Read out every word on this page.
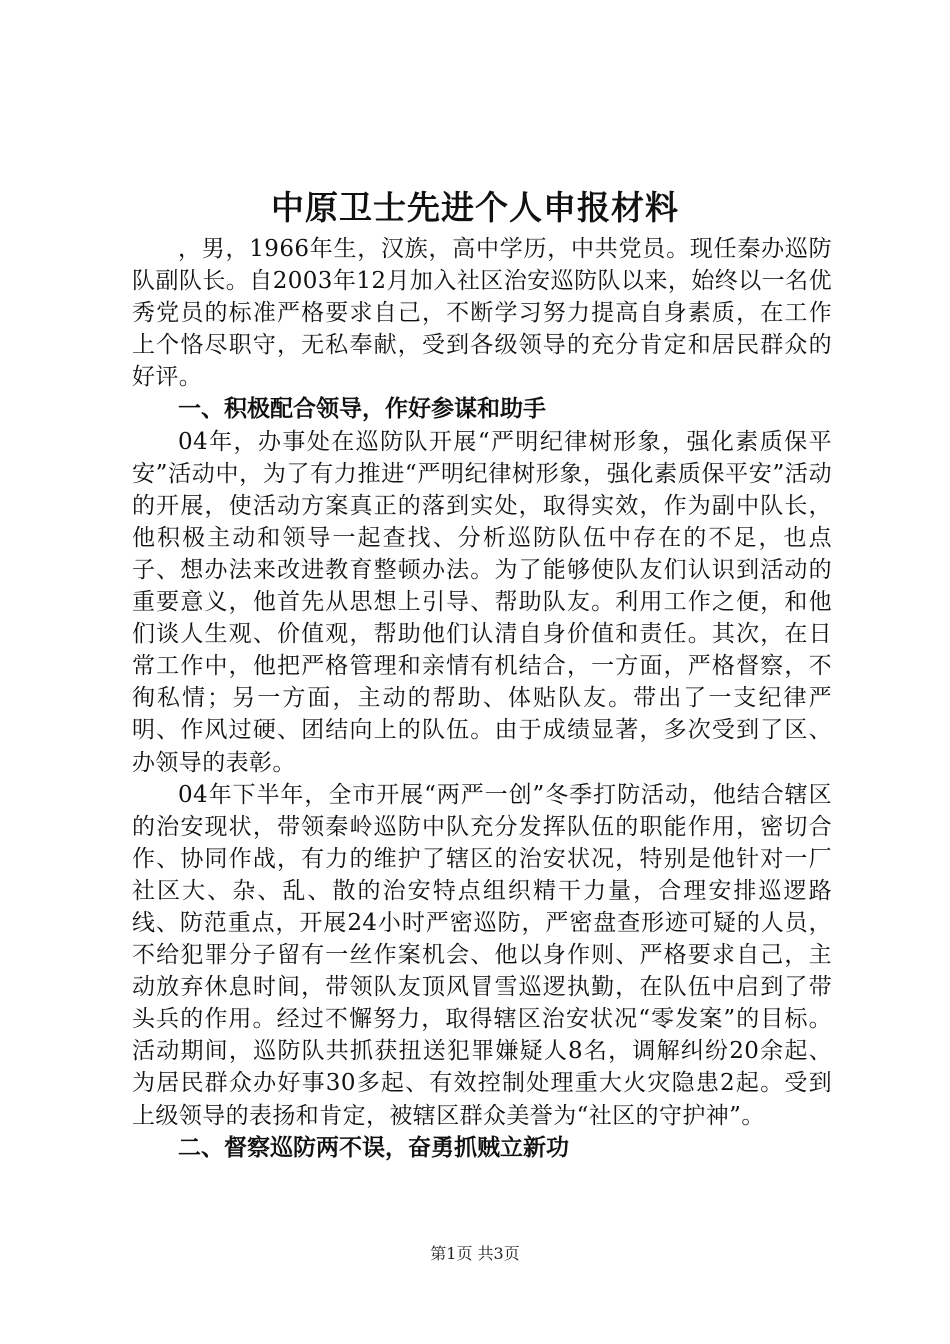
中原卫士先进个人申报材料

，男，1966年生，汉族，高中学历，中共党员。现任秦办巡防队副队长。自2003年12月加入社区治安巡防队以来，始终以一名优秀党员的标准严格要求自己，不断学习努力提高自身素质，在工作上个恪尽职守，无私奉献，受到各级领导的充分肯定和居民群众的好评。

一、积极配合领导，作好参谋和助手

04年，办事处在巡防队开展“严明纪律树形象，强化素质保平安”活动中，为了有力推进“严明纪律树形象，强化素质保平安”活动的开展，使活动方案真正的落到实处，取得实效，作为副中队长，他积极主动和领导一起查找、分析巡防队伍中存在的不足，也点子、想办法来改进教育整顿办法。为了能够使队友们认识到活动的重要意义，他首先从思想上引导、帮助队友。利用工作之便，和他们谈人生观、价值观，帮助他们认清自身价值和责任。其次，在日常工作中，他把严格管理和亲情有机结合，一方面，严格督察，不徇私情；另一方面，主动的帮助、体贴队友。带出了一支纪律严明、作风过硬、团结向上的队伍。由于成绩显著，多次受到了区、办领导的表彰。

04年下半年，全市开展“两严一创”冬季打防活动，他结合辖区的治安现状，带领秦岭巡防中队充分发挥队伍的职能作用，密切合作、协同作战，有力的维护了辖区的治安状况，特别是他针对一厂社区大、杂、乱、散的治安特点组织精干力量，合理安排巡逻路线、防范重点，开展24小时严密巡防，严密盘查形迹可疑的人员，不给犯罪分子留有一丝作案机会、他以身作则、严格要求自己，主动放弃休息时间，带领队友顶风冒雪巡逻执勤，在队伍中启到了带头兵的作用。经过不懈努力，取得辖区治安状况“零发案”的目标。活动期间，巡防队共抓获扭送犯罪嫌疑人8名，调解纠纷20余起、为居民群众办好事30多起、有效控制处理重大火灾隐患2起。受到上级领导的表扬和肯定，被辖区群众美誉为“社区的守护神”。

二、督察巡防两不误，奋勇抓贼立新功

第1页 共3页
